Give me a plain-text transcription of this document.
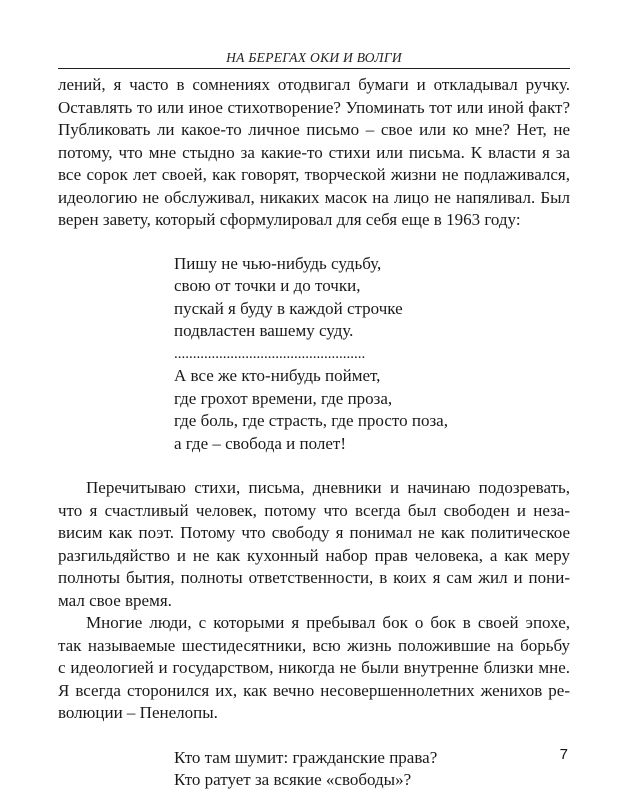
НА БЕРЕГАХ ОКИ И ВОЛГИ
лений, я часто в сомнениях отодвигал бумаги и откладывал ручку.
Оставлять то или иное стихотворение? Упоминать тот или иной факт?
Публиковать ли какое-то личное письмо – свое или ко мне? Нет, не
потому, что мне стыдно за какие-то стихи или письма. К власти я за
все сорок лет своей, как говорят, творческой жизни не подлаживался,
идеологию не обслуживал, никаких масок на лицо не напяливал. Был
верен завету, который сформулировал для себя еще в 1963 году:
Пишу не чью-нибудь судьбу,
свою от точки и до точки,
пускай я буду в каждой строчке
подвластен вашему суду.
...................................................
А все же кто-нибудь поймет,
где грохот времени, где проза,
где боль, где страсть, где просто поза,
а где – свобода и полет!
Перечитываю стихи, письма, дневники и начинаю подозревать,
что я счастливый человек, потому что всегда был свободен и неза-
висим как поэт. Потому что свободу я понимал не как политическое
разгильдяйство и не как кухонный набор прав человека, а как меру
полноты бытия, полноты ответственности, в коих я сам жил и пони-
мал свое время.
Многие люди, с которыми я пребывал бок о бок в своей эпохе,
так называемые шестидесятники, всю жизнь положившие на борьбу
с идеологией и государством, никогда не были внутренне близки мне.
Я всегда сторонился их, как вечно несовершеннолетних женихов ре-
волюции – Пенелопы.
Кто там шумит: гражданские права?
Кто ратует за всякие «свободы»?
7
